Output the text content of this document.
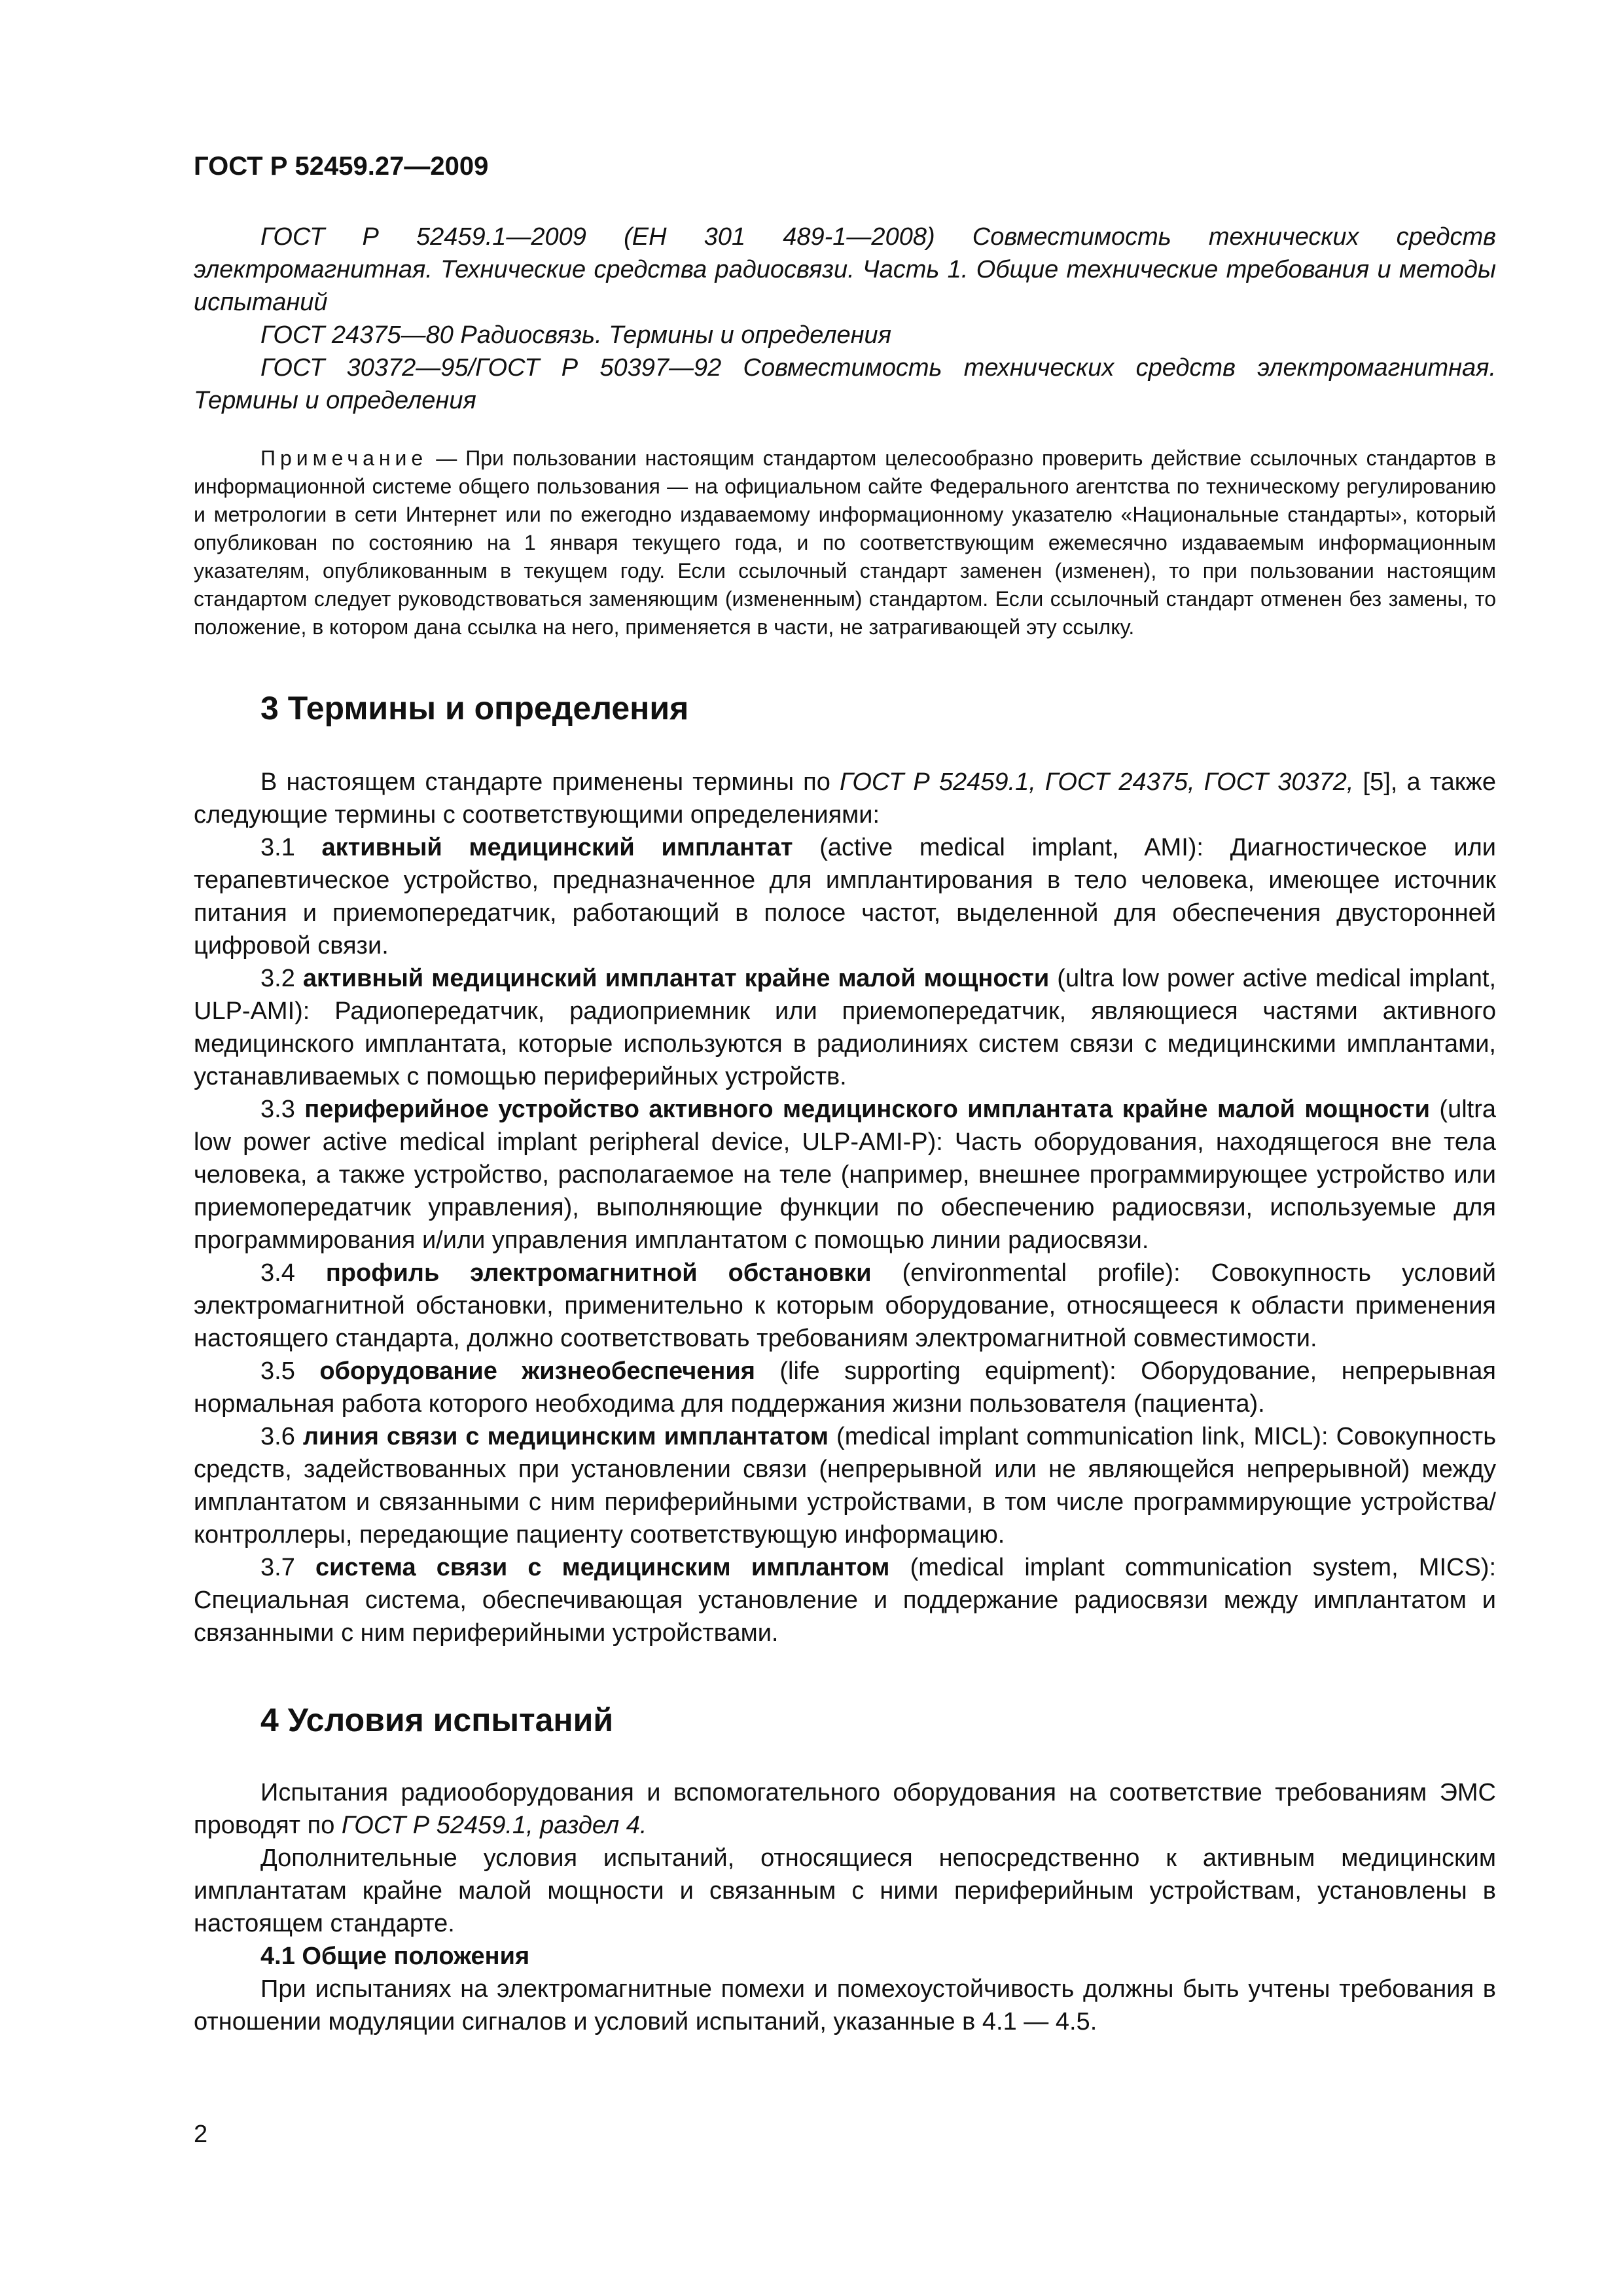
ГОСТ Р 52459.27—2009

ГОСТ Р 52459.1—2009 (ЕН 301 489-1—2008) Совместимость технических средств электромагнитная. Технические средства радиосвязи. Часть 1. Общие технические требования и методы испытаний

ГОСТ 24375—80 Радиосвязь. Термины и определения

ГОСТ 30372—95/ГОСТ Р 50397—92 Совместимость технических средств электромагнитная. Термины и определения

Примечание — При пользовании настоящим стандартом целесообразно проверить действие ссылочных стандартов в информационной системе общего пользования — на официальном сайте Федерального агентства по техническому регулированию и метрологии в сети Интернет или по ежегодно издаваемому информационному указателю «Национальные стандарты», который опубликован по состоянию на 1 января текущего года, и по соответствующим ежемесячно издаваемым информационным указателям, опубликованным в текущем году. Если ссылочный стандарт заменен (изменен), то при пользовании настоящим стандартом следует руководствоваться заменяющим (измененным) стандартом. Если ссылочный стандарт отменен без замены, то положение, в котором дана ссылка на него, применяется в части, не затрагивающей эту ссылку.

3 Термины и определения

В настоящем стандарте применены термины по ГОСТ Р 52459.1, ГОСТ 24375, ГОСТ 30372, [5], а также следующие термины с соответствующими определениями:

3.1 активный медицинский имплантат (active medical implant, AMI): Диагностическое или терапевтическое устройство, предназначенное для имплантирования в тело человека, имеющее источник питания и приемопередатчик, работающий в полосе частот, выделенной для обеспечения двусторонней цифровой связи.

3.2 активный медицинский имплантат крайне малой мощности (ultra low power active medical implant, ULP-AMI): Радиопередатчик, радиоприемник или приемопередатчик, являющиеся частями активного медицинского имплантата, которые используются в радиолиниях систем связи с медицинскими имплантами, устанавливаемых с помощью периферийных устройств.

3.3 периферийное устройство активного медицинского имплантата крайне малой мощности (ultra low power active medical implant peripheral device, ULP-AMI-P): Часть оборудования, находящегося вне тела человека, а также устройство, располагаемое на теле (например, внешнее программирующее устройство или приемопередатчик управления), выполняющие функции по обеспечению радиосвязи, используемые для программирования и/или управления имплантатом с помощью линии радиосвязи.

3.4 профиль электромагнитной обстановки (environmental profile): Совокупность условий электромагнитной обстановки, применительно к которым оборудование, относящееся к области применения настоящего стандарта, должно соответствовать требованиям электромагнитной совместимости.

3.5 оборудование жизнеобеспечения (life supporting equipment): Оборудование, непрерывная нормальная работа которого необходима для поддержания жизни пользователя (пациента).

3.6 линия связи с медицинским имплантатом (medical implant communication link, MICL): Совокупность средств, задействованных при установлении связи (непрерывной или не являющейся непрерывной) между имплантатом и связанными с ним периферийными устройствами, в том числе программирующие устройства/контроллеры, передающие пациенту соответствующую информацию.

3.7 система связи с медицинским имплантом (medical implant communication system, MICS): Специальная система, обеспечивающая установление и поддержание радиосвязи между имплантатом и связанными с ним периферийными устройствами.

4 Условия испытаний

Испытания радиооборудования и вспомогательного оборудования на соответствие требованиям ЭМС проводят по ГОСТ Р 52459.1, раздел 4.

Дополнительные условия испытаний, относящиеся непосредственно к активным медицинским имплантатам крайне малой мощности и связанным с ними периферийным устройствам, установлены в настоящем стандарте.

4.1 Общие положения

При испытаниях на электромагнитные помехи и помехоустойчивость должны быть учтены требования в отношении модуляции сигналов и условий испытаний, указанные в 4.1 — 4.5.

2
